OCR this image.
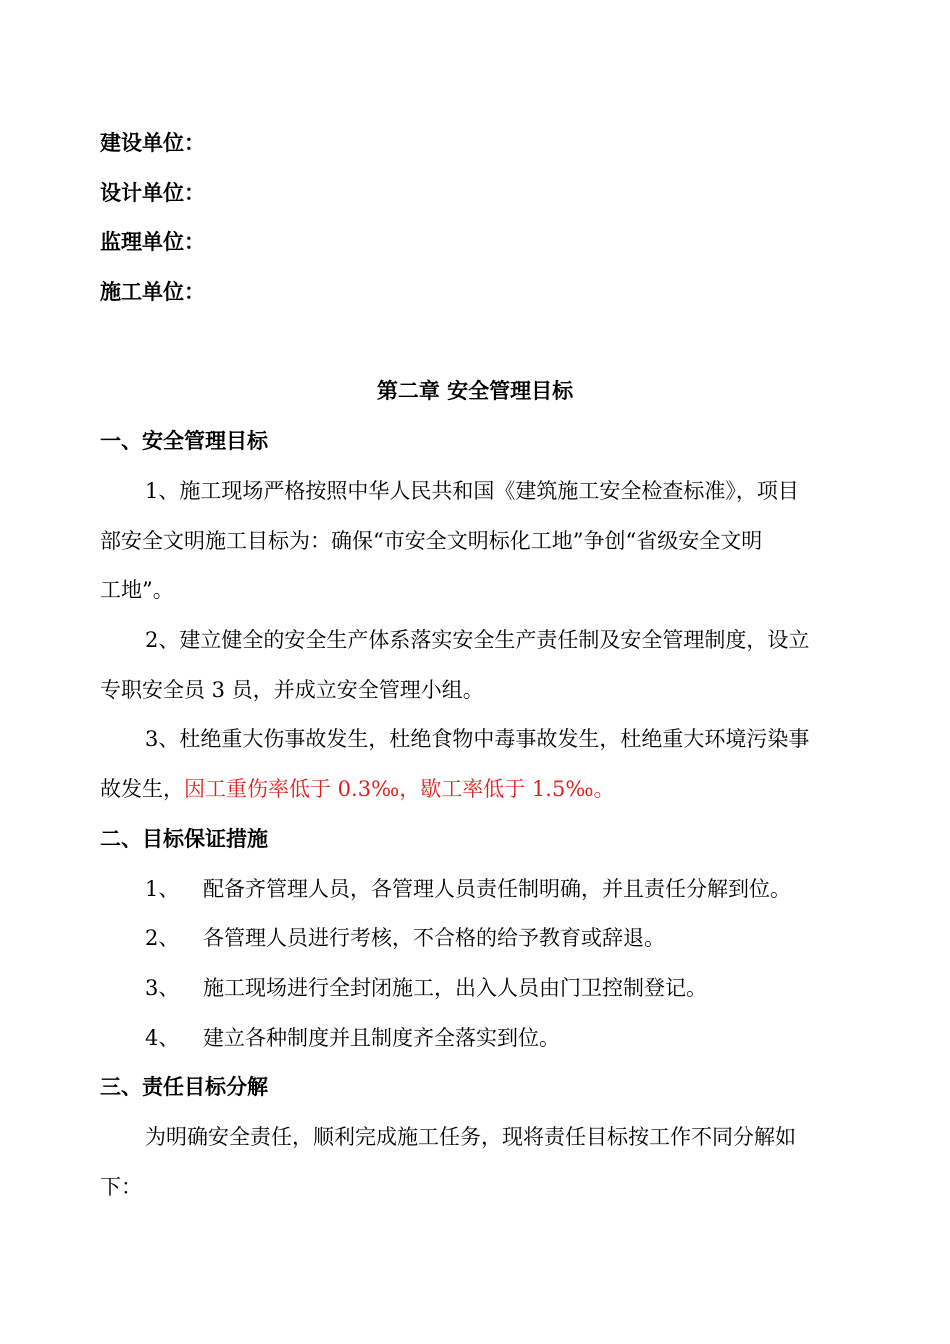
建设单位：
设计单位：
监理单位：
施工单位：
第二章 安全管理目标
一、安全管理目标
1、施工现场严格按照中华人民共和国《建筑施工安全检查标准》，项目
部安全文明施工目标为：确保“市安全文明标化工地”争创“省级安全文明
工地”。
2、建立健全的安全生产体系落实安全生产责任制及安全管理制度，设立
专职安全员 3 员，并成立安全管理小组。
3、杜绝重大伤事故发生，杜绝食物中毒事故发生，杜绝重大环境污染事
故发生，因工重伤率低于 0.3‰，歇工率低于 1.5‰。
二、目标保证措施
1、 配备齐管理人员，各管理人员责任制明确，并且责任分解到位。
2、 各管理人员进行考核，不合格的给予教育或辞退。
3、 施工现场进行全封闭施工，出入人员由门卫控制登记。
4、 建立各种制度并且制度齐全落实到位。
三、责任目标分解
为明确安全责任，顺利完成施工任务，现将责任目标按工作不同分解如
下：
